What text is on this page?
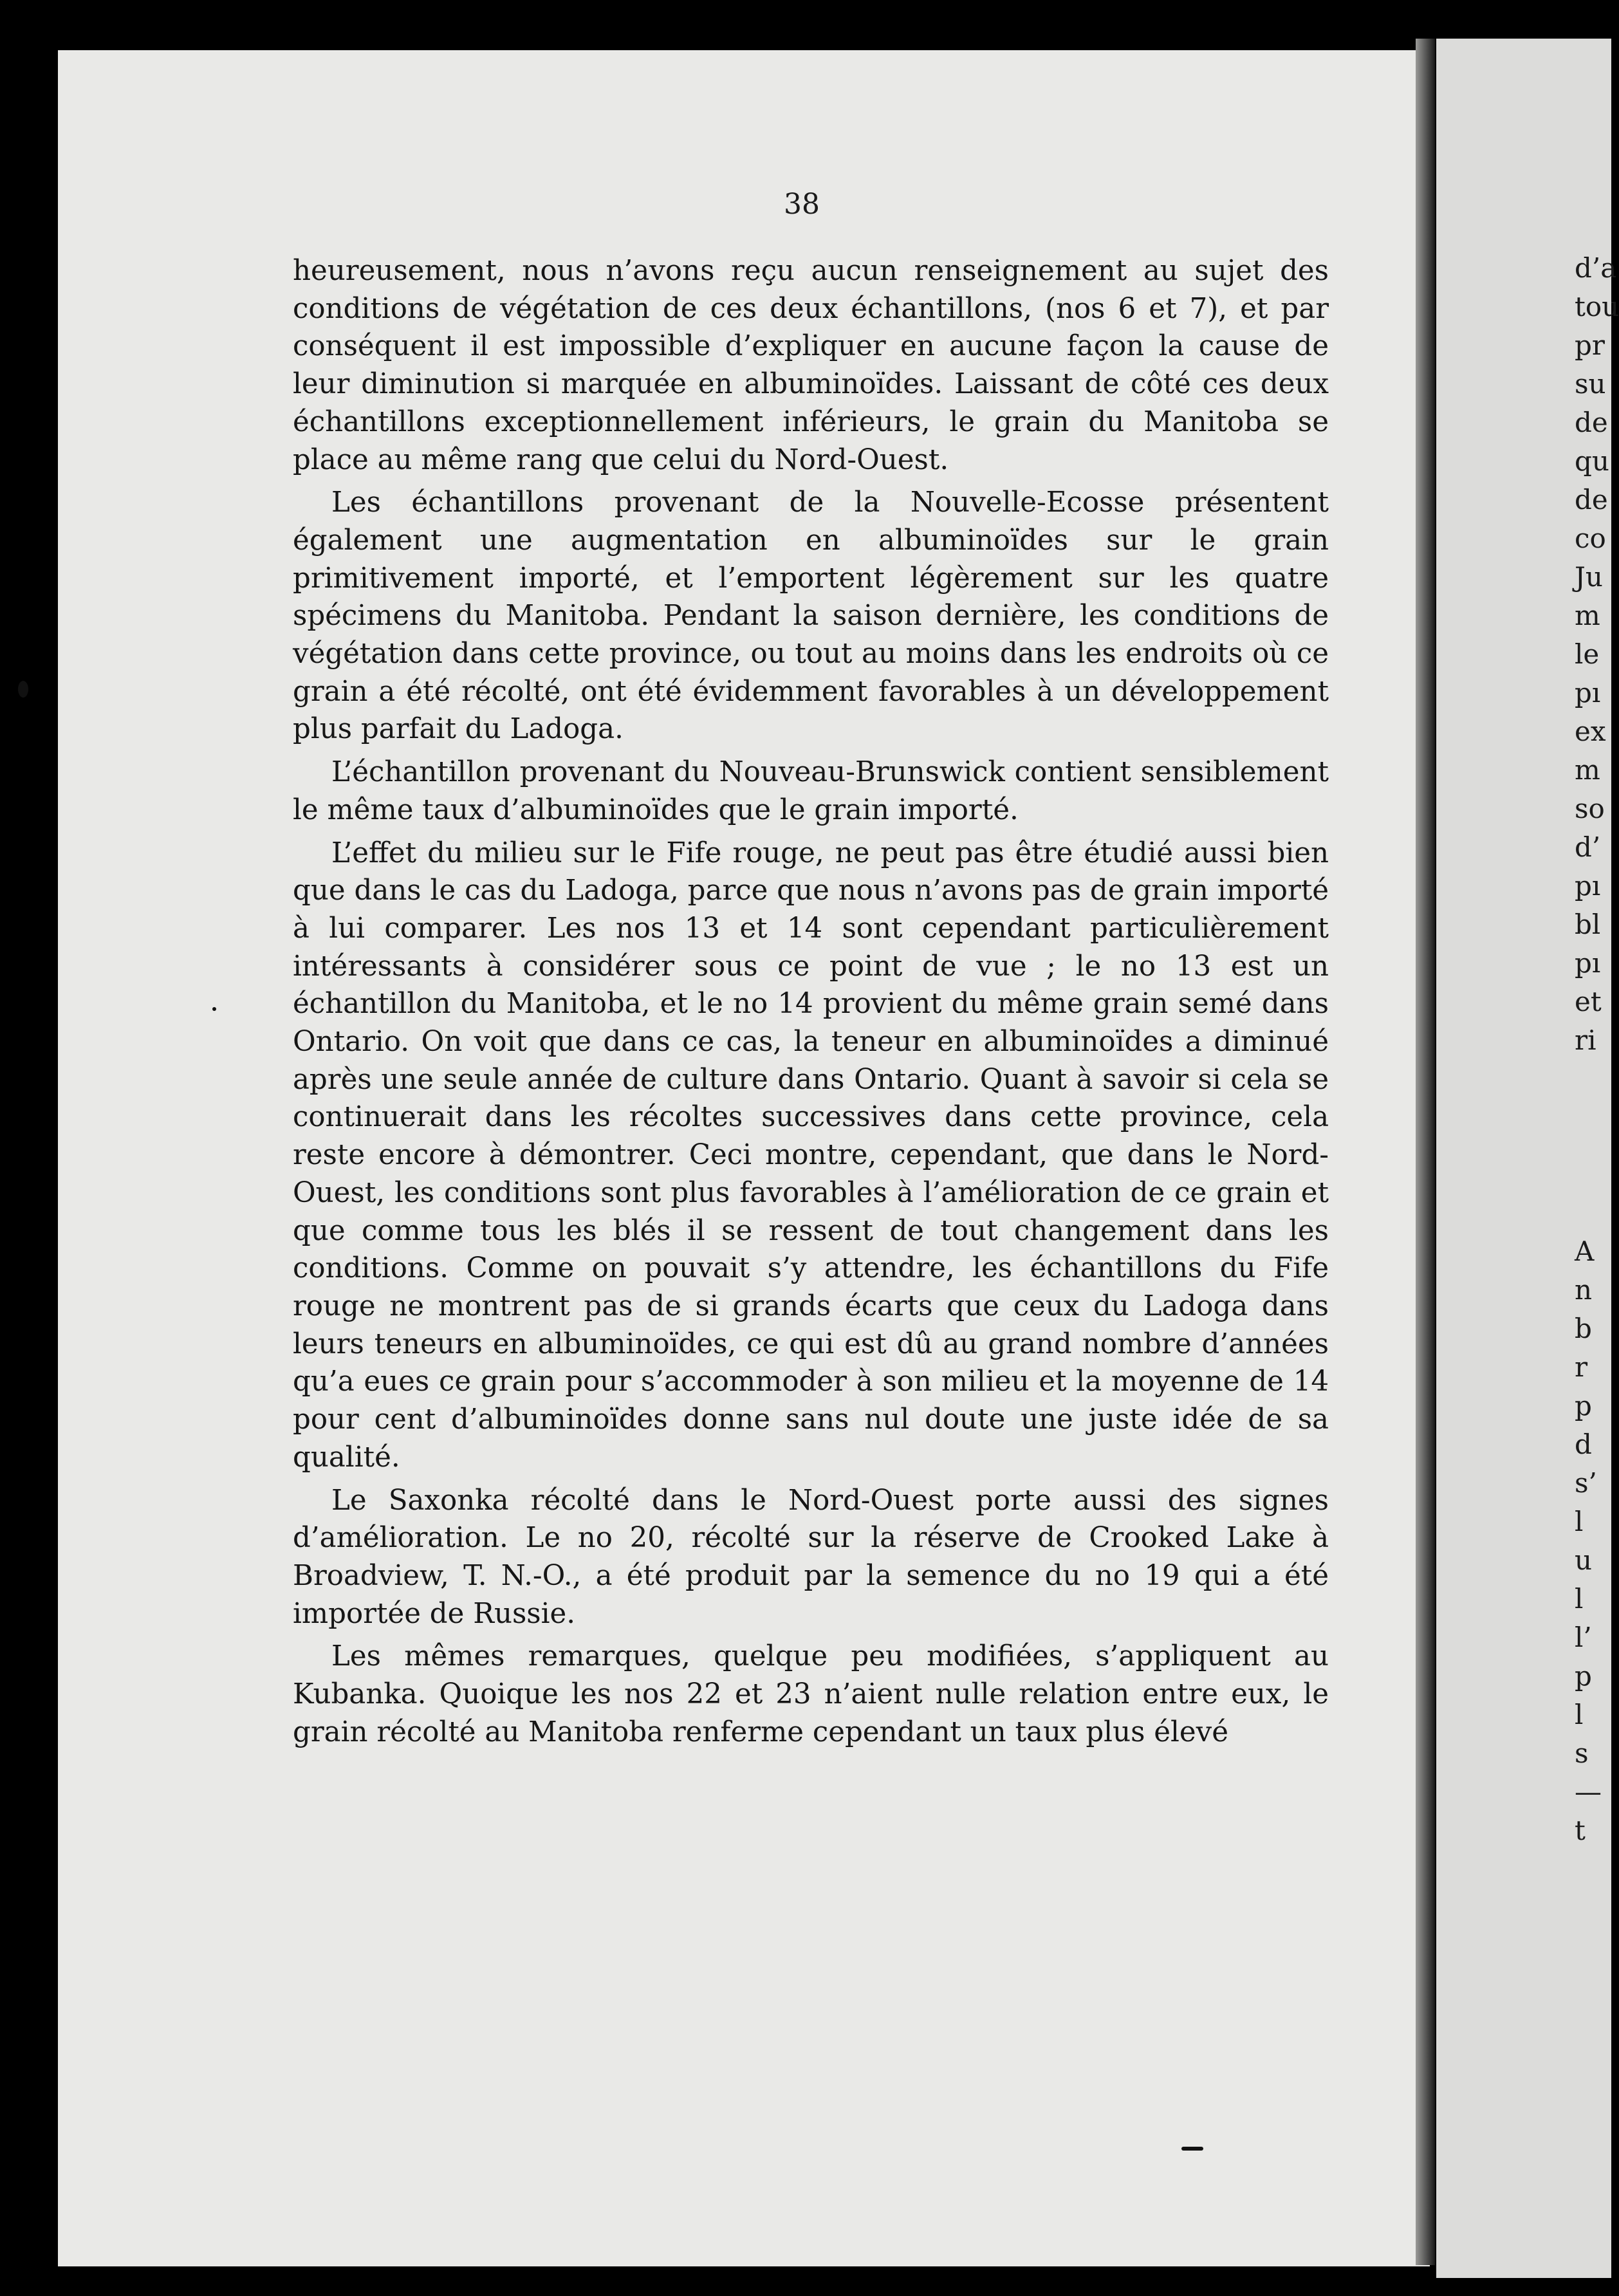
d’a
tou
pr
su
de
qu
de
co
Ju
m
le
pı
ex
m
so
d’
pı
bl
pı
et
ri
A
n
b
r
p
d
s’
l
u
l
l’
p
l
s
—
t
38

heureusement, nous n’avons reçu aucun renseignement au sujet des conditions de végétation de ces deux échantillons, (nos 6 et 7), et par conséquent il est impossible d’expliquer en aucune façon la cause de leur diminution si marquée en albuminoïdes. Laissant de côté ces deux échantillons exceptionnellement inférieurs, le grain du Manitoba se place au même rang que celui du Nord-Ouest.

Les échantillons provenant de la Nouvelle-Ecosse présentent également une augmentation en albuminoïdes sur le grain primitivement importé, et l’emportent légèrement sur les quatre spécimens du Manitoba. Pendant la saison dernière, les conditions de végétation dans cette province, ou tout au moins dans les endroits où ce grain a été récolté, ont été évidemment favorables à un développement plus parfait du Ladoga.

L’échantillon provenant du Nouveau-Brunswick contient sensiblement le même taux d’albuminoïdes que le grain importé.

L’effet du milieu sur le Fife rouge, ne peut pas être étudié aussi bien que dans le cas du Ladoga, parce que nous n’avons pas de grain importé à lui comparer. Les nos 13 et 14 sont cependant particulièrement intéressants à considérer sous ce point de vue ; le no 13 est un échantillon du Manitoba, et le no 14 provient du même grain semé dans Ontario. On voit que dans ce cas, la teneur en albuminoïdes a diminué après une seule année de culture dans Ontario. Quant à savoir si cela se continuerait dans les récoltes successives dans cette province, cela reste encore à démontrer. Ceci montre, cependant, que dans le Nord-Ouest, les conditions sont plus favorables à l’amélioration de ce grain et que comme tous les blés il se ressent de tout changement dans les conditions. Comme on pouvait s’y attendre, les échantillons du Fife rouge ne montrent pas de si grands écarts que ceux du Ladoga dans leurs teneurs en albuminoïdes, ce qui est dû au grand nombre d’années qu’a eues ce grain pour s’accommoder à son milieu et la moyenne de 14 pour cent d’albuminoïdes donne sans nul doute une juste idée de sa qualité.

Le Saxonka récolté dans le Nord-Ouest porte aussi des signes d’amélioration. Le no 20, récolté sur la réserve de Crooked Lake à Broadview, T. N.-O., a été produit par la semence du no 19 qui a été importée de Russie.

Les mêmes remarques, quelque peu modifiées, s’appliquent au Kubanka. Quoique les nos 22 et 23 n’aient nulle relation entre eux, le grain récolté au Manitoba renferme cependant un taux plus élevé
